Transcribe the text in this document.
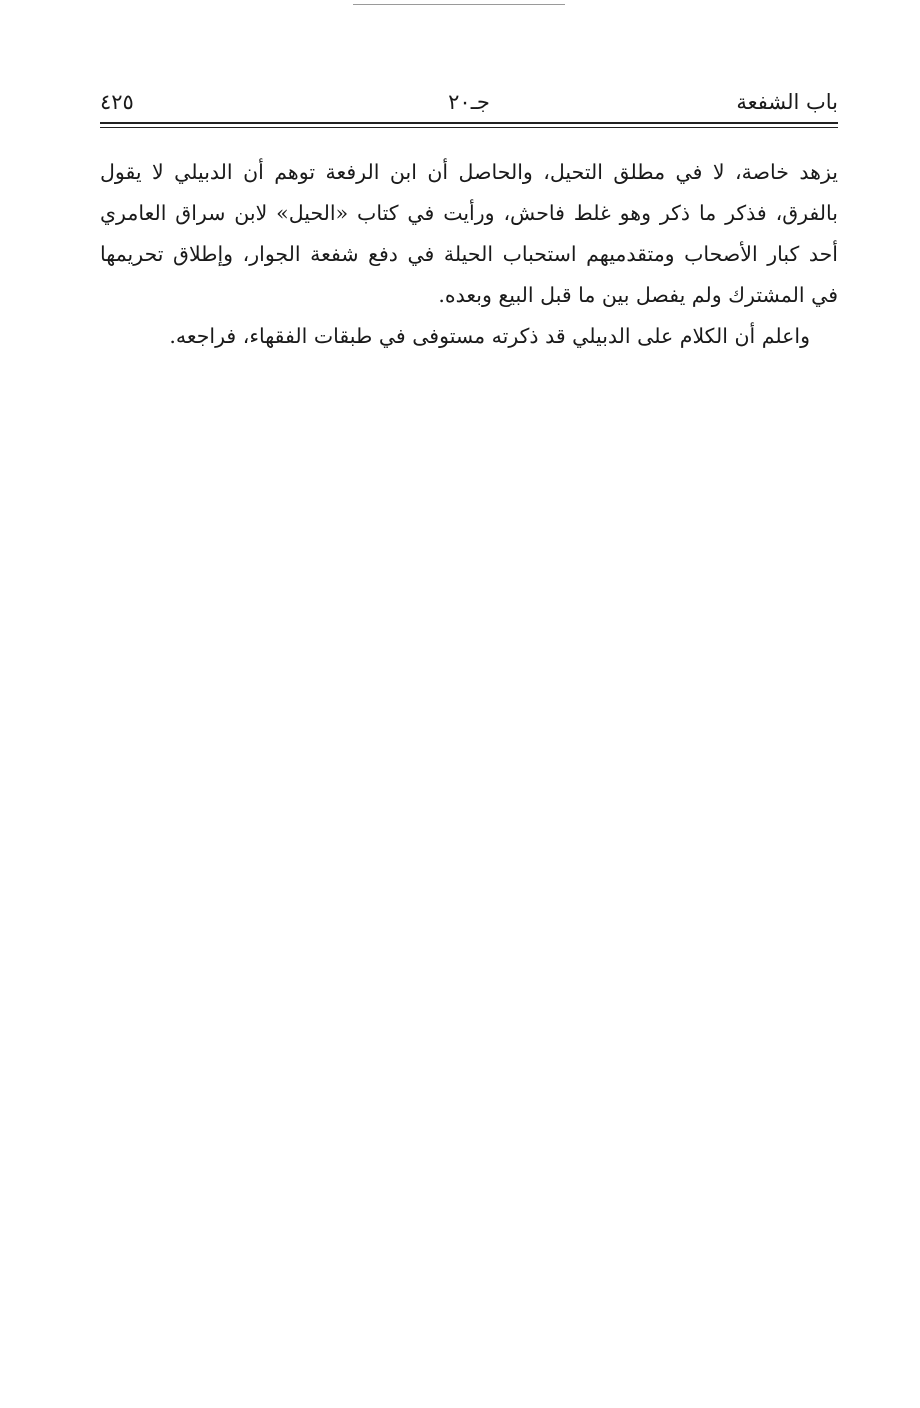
باب الشفعة
جـ٢٠
٤٢٥

يزهد خاصة، لا في مطلق التحيل، والحاصل أن ابن الرفعة توهم أن الدبيلي لا يقول بالفرق، فذكر ما ذكر وهو غلط فاحش، ورأيت في كتاب «الحيل» لابن سراق العامري أحد كبار الأصحاب ومتقدميهم استحباب الحيلة في دفع شفعة الجوار، وإطلاق تحريمها في المشترك ولم يفصل بين ما قبل البيع وبعده.

واعلم أن الكلام على الدبيلي قد ذكرته مستوفى في طبقات الفقهاء، فراجعه.
